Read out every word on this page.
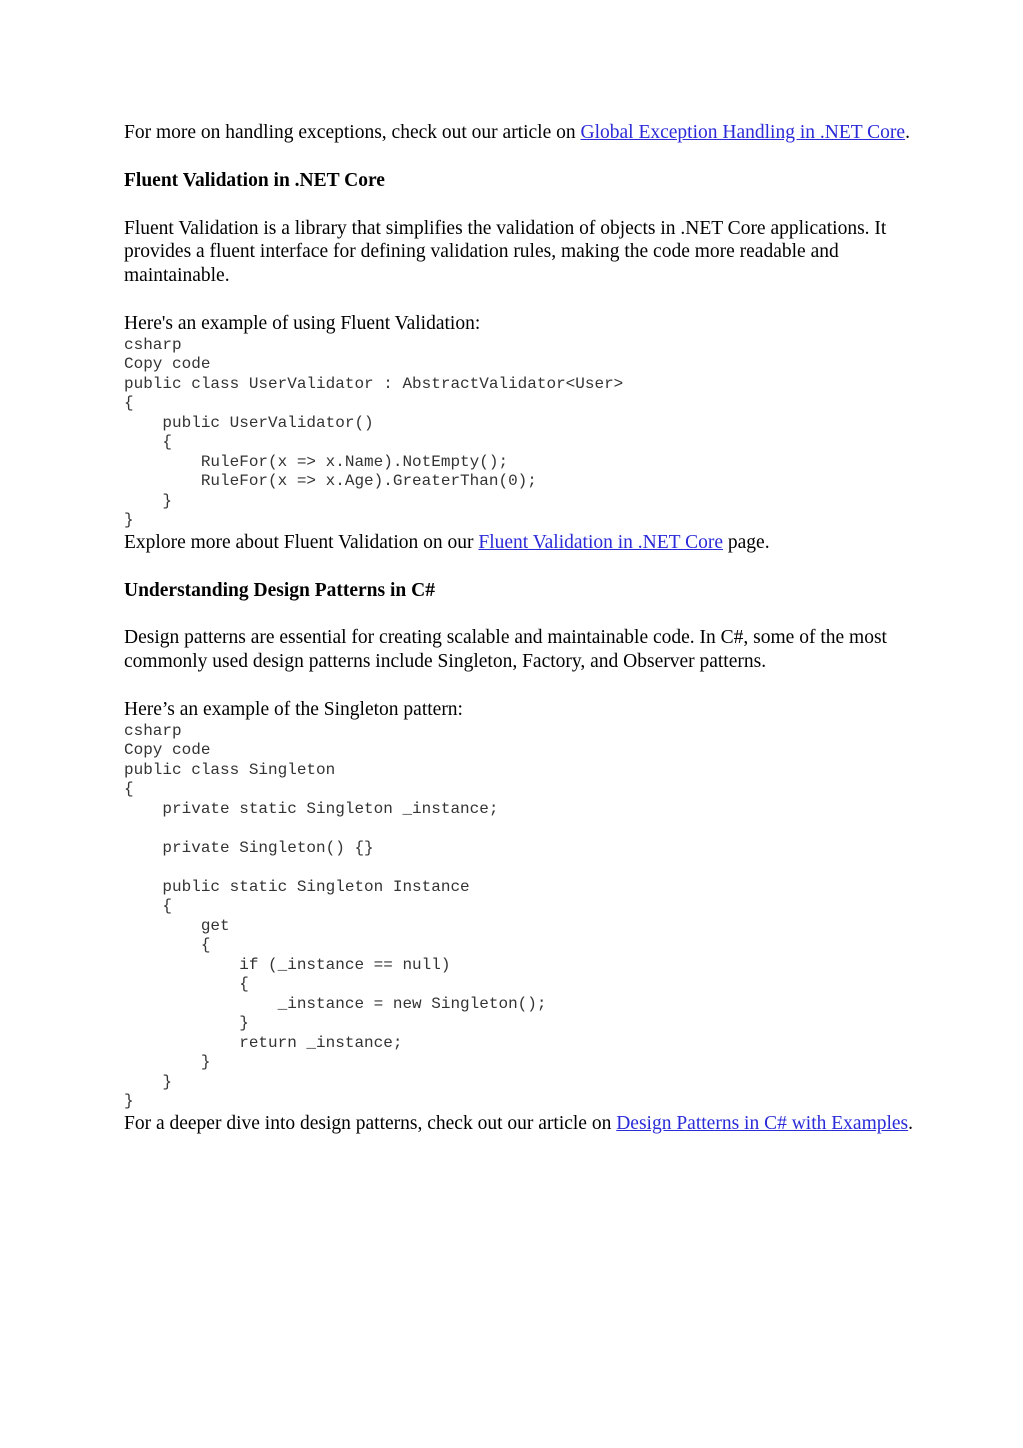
For more on handling exceptions, check out our article on Global Exception Handling in .NET Core.

Fluent Validation in .NET Core

Fluent Validation is a library that simplifies the validation of objects in .NET Core applications. It provides a fluent interface for defining validation rules, making the code more readable and maintainable.

Here's an example of using Fluent Validation:

csharp
Copy code
public class UserValidator : AbstractValidator<User>
{
public UserValidator()
{
RuleFor(x => x.Name).NotEmpty();
RuleFor(x => x.Age).GreaterThan(0);
}
}

Explore more about Fluent Validation on our Fluent Validation in .NET Core page.

Understanding Design Patterns in C#

Design patterns are essential for creating scalable and maintainable code. In C#, some of the most commonly used design patterns include Singleton, Factory, and Observer patterns.

Here’s an example of the Singleton pattern:

csharp
Copy code
public class Singleton
{
private static Singleton _instance;

private Singleton() {}

public static Singleton Instance
{
get
{
if (_instance == null)
{
_instance = new Singleton();
}
return _instance;
}
}
}

For a deeper dive into design patterns, check out our article on Design Patterns in C# with Examples.
